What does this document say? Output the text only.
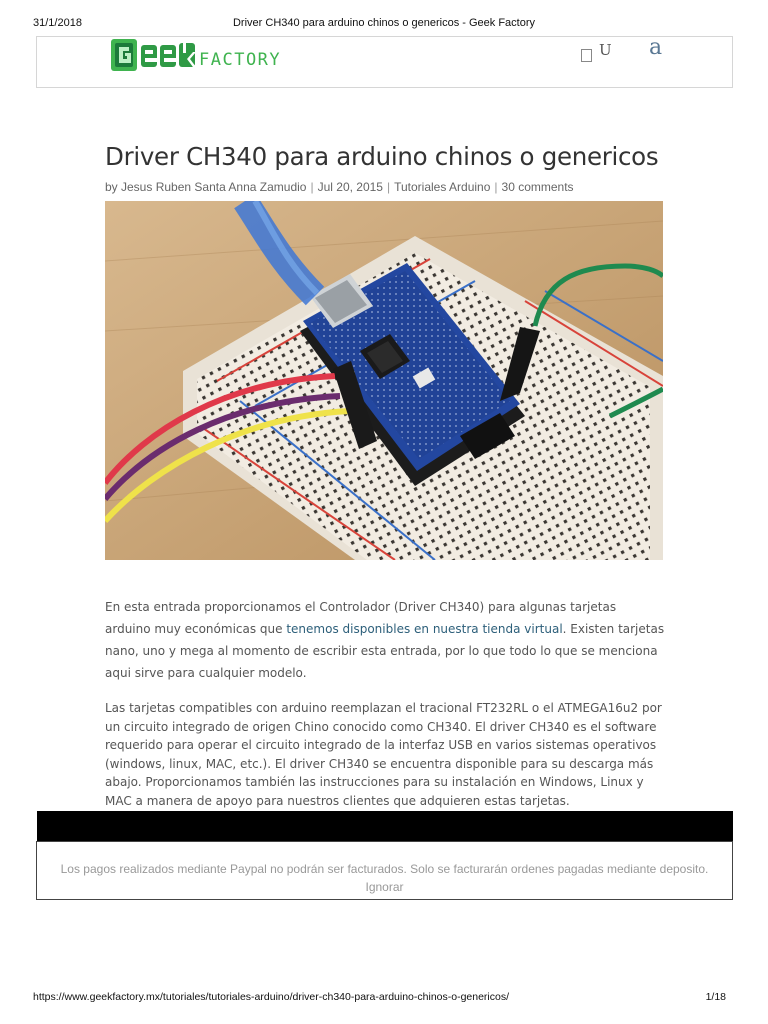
31/1/2018	Driver CH340 para arduino chinos o genericos - Geek Factory
FACTORY	U a
Driver CH340 para arduino chinos o genericos
by Jesus Ruben Santa Anna Zamudio | Jul 20, 2015 | Tutoriales Arduino | 30 comments

En esta entrada proporcionamos el Controlador (Driver CH340) para algunas tarjetas arduino muy económicas que tenemos disponibles en nuestra tienda virtual. Existen tarjetas nano, uno y mega al momento de escribir esta entrada, por lo que todo lo que se menciona aqui sirve para cualquier modelo.

Las tarjetas compatibles con arduino reemplazan el tracional FT232RL o el ATMEGA16u2 por un circuito integrado de origen Chino conocido como CH340. El driver CH340 es el software requerido para operar el circuito integrado de la interfaz USB en varios sistemas operativos (windows, linux, MAC, etc.). El driver CH340 se encuentra disponible para su descarga más abajo. Proporcionamos también las instrucciones para su instalación en Windows, Linux y MAC a manera de apoyo para nuestros clientes que adquieren estas tarjetas.

Los pagos realizados mediante Paypal no podrán ser facturados. Solo se facturarán ordenes pagadas mediante deposito.
Ignorar
https://www.geekfactory.mx/tutoriales/tutoriales-arduino/driver-ch340-para-arduino-chinos-o-genericos/	1/18
